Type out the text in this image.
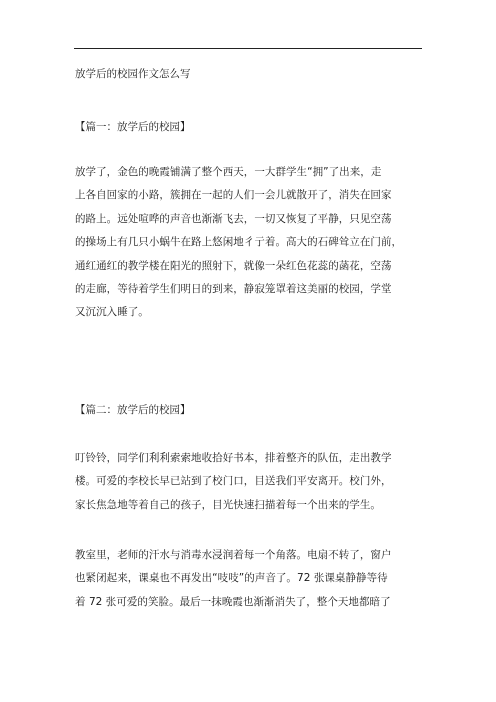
放学后的校园作文怎么写
【篇一：放学后的校园】
放学了，金色的晚霞铺满了整个西天，一大群学生“拥”了出来，走
上各自回家的小路，簇拥在一起的人们一会儿就散开了，消失在回家
的路上。远处喧哗的声音也渐渐飞去，一切又恢复了平静，只见空荡
的操场上有几只小蜗牛在路上悠闲地彳亍着。高大的石碑耸立在门前，
通红通红的教学楼在阳光的照射下，就像一朵红色花蕊的菡花，空荡
的走廊，等待着学生们明日的到来，静寂笼罩着这美丽的校园，学堂
又沉沉入睡了。
【篇二：放学后的校园】
叮铃铃，同学们利利索索地收拾好书本，排着整齐的队伍，走出教学
楼。可爱的李校长早已站到了校门口，目送我们平安离开。校门外，
家长焦急地等着自己的孩子，目光快速扫描着每一个出来的学生。
教室里，老师的汗水与消毒水浸润着每一个角落。电扇不转了，窗户
也紧闭起来，课桌也不再发出“吱吱”的声音了。72 张课桌静静等待
着 72 张可爱的笑脸。最后一抹晚霞也渐渐消失了，整个天地都暗了
